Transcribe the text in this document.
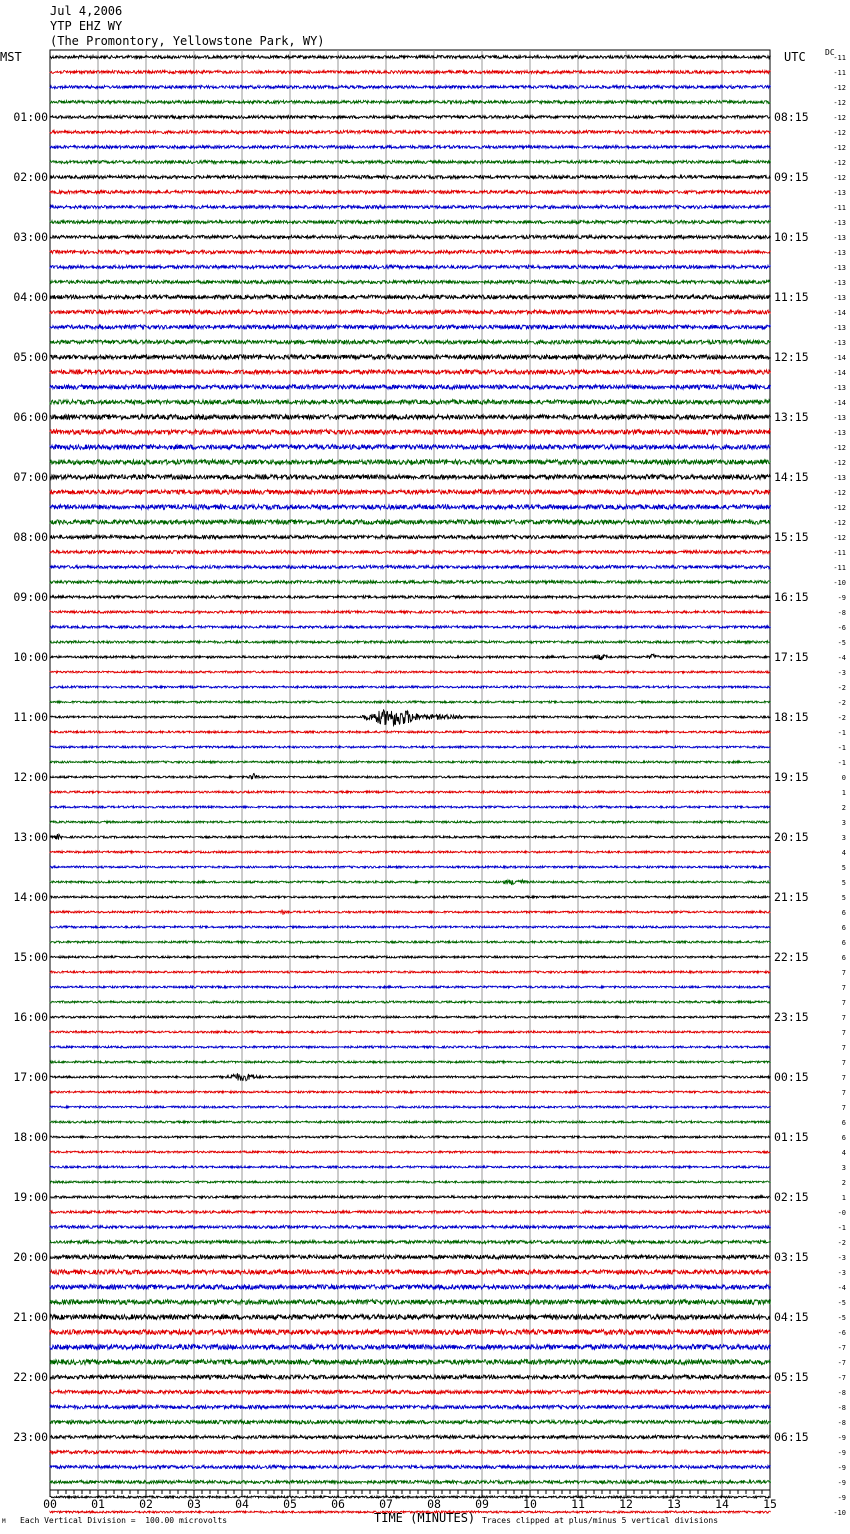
Jul 4,2006
YTP EHZ WY
(The Promontory, Yellowstone Park, WY)
MST	UTC DC
-11
-11
-12
-12
-12
-12
-12
-12
-12
-13
-11
-13
-13
-13
-13
-13
-13
-14
-13
-13
-14
-14
-13
-14
-13
-13
-12
-12
-13
-12
-12
-12
-12
-11
-11
-10
-9
-8
-6
-5
-4
-3
-2
-2
-2
-1
-1
-1
0
1
2
3
3
4
5
5
5
6
6
6
6
7
7
7
7
7
7
7
7
7
7
6
6
4
3
2
1
-0
-1
-2
-3
-3
-4
-5
-5
-6
-7
-7
-7
-8
-8
-8
-9
-9
-9
-9
-9
-10
01:00
02:00
03:00
04:00
05:00
06:00
07:00
08:00
09:00
10:00
11:00
12:00
13:00
14:00
15:00
16:00
17:00
18:00
19:00
20:00
21:00
22:00
23:00
08:15
09:15
10:15
11:15
12:15
13:15
14:15
15:15
16:15
17:15
18:15
19:15
20:15
21:15
22:15
23:15
00:15
01:15
02:15
03:15
04:15
05:15
06:15
00	01	02	03	04	05	06	07	08	09	10	11	12	13	14	15
TIME (MINUTES)
Each Vertical Division =  100.00 microvolts	Traces clipped at plus/minus 5 vertical divisions
M
